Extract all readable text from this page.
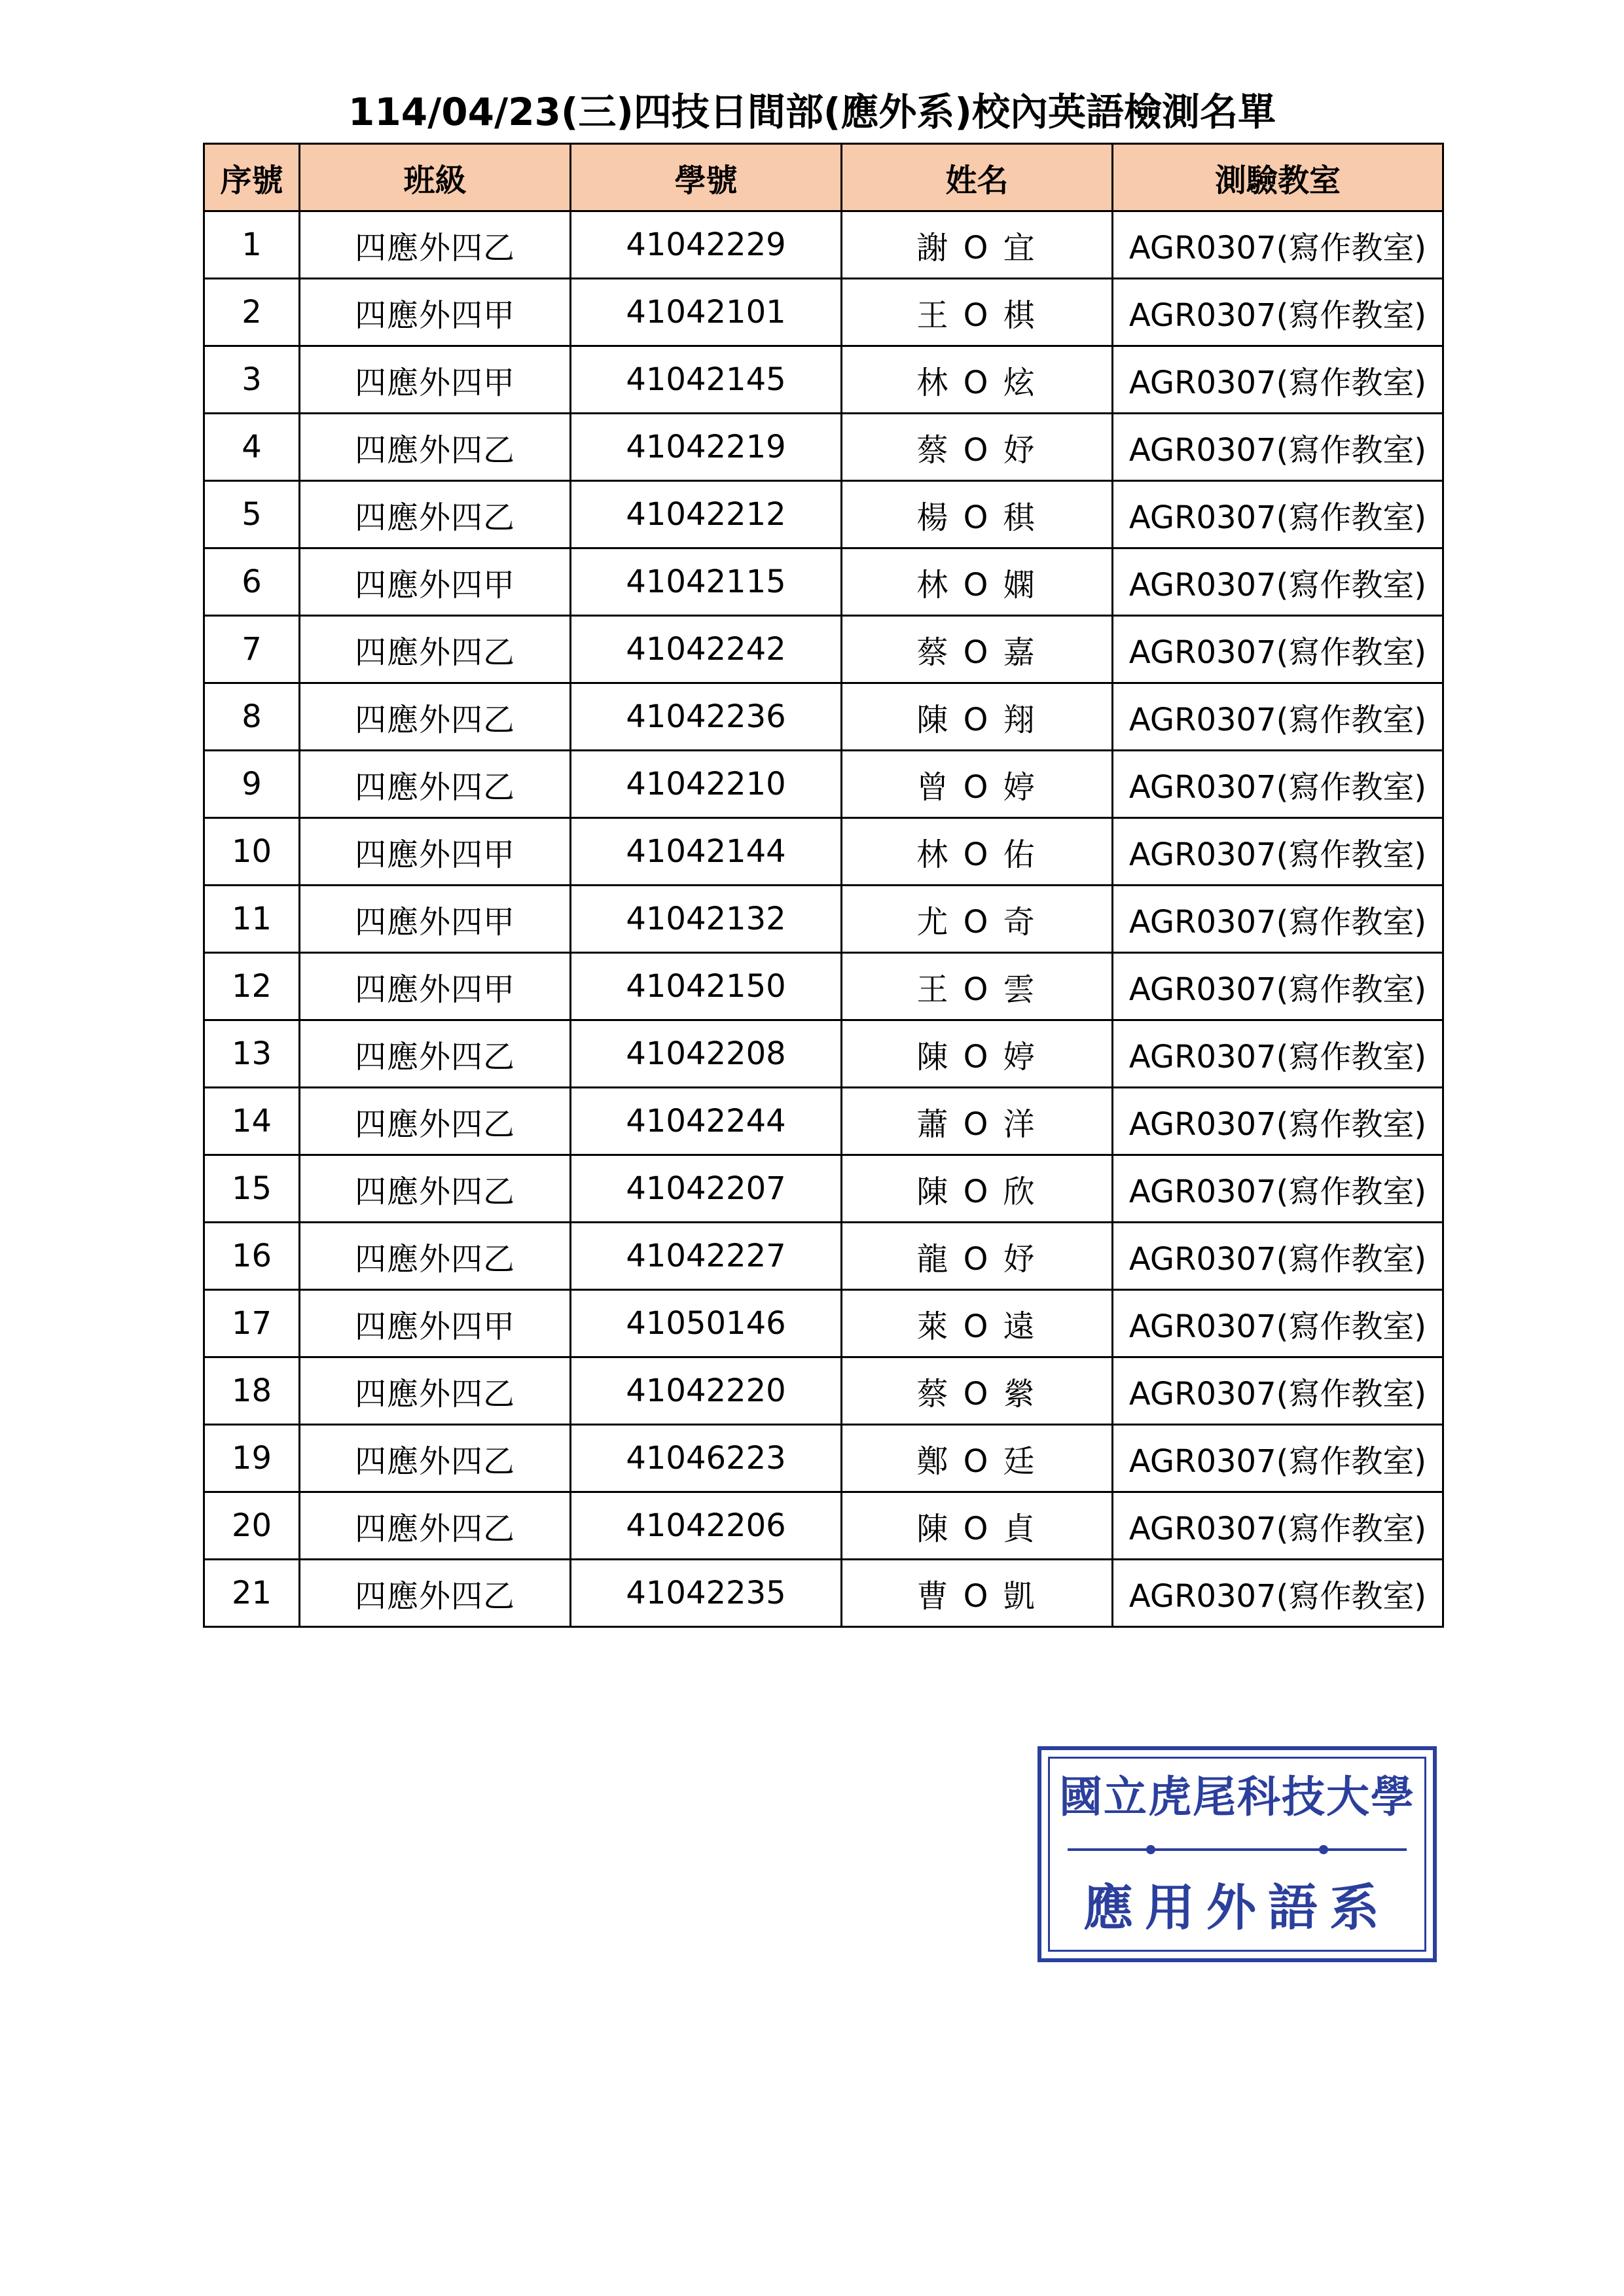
114/04/23(三)四技日間部(應外系)校內英語檢測名單
序號	班級	學號	姓名	測驗教室
1	四應外四乙	41042229	謝 O 宜	AGR0307(寫作教室)
2	四應外四甲	41042101	王 O 棋	AGR0307(寫作教室)
3	四應外四甲	41042145	林 O 炫	AGR0307(寫作教室)
4	四應外四乙	41042219	蔡 O 妤	AGR0307(寫作教室)
5	四應外四乙	41042212	楊 O 稘	AGR0307(寫作教室)
6	四應外四甲	41042115	林 O 嫻	AGR0307(寫作教室)
7	四應外四乙	41042242	蔡 O 嘉	AGR0307(寫作教室)
8	四應外四乙	41042236	陳 O 翔	AGR0307(寫作教室)
9	四應外四乙	41042210	曾 O 婷	AGR0307(寫作教室)
10	四應外四甲	41042144	林 O 佑	AGR0307(寫作教室)
11	四應外四甲	41042132	尤 O 奇	AGR0307(寫作教室)
12	四應外四甲	41042150	王 O 雲	AGR0307(寫作教室)
13	四應外四乙	41042208	陳 O 婷	AGR0307(寫作教室)
14	四應外四乙	41042244	蕭 O 洋	AGR0307(寫作教室)
15	四應外四乙	41042207	陳 O 欣	AGR0307(寫作教室)
16	四應外四乙	41042227	龍 O 妤	AGR0307(寫作教室)
17	四應外四甲	41050146	萊 O 遠	AGR0307(寫作教室)
18	四應外四乙	41042220	蔡 O 縈	AGR0307(寫作教室)
19	四應外四乙	41046223	鄭 O 廷	AGR0307(寫作教室)
20	四應外四乙	41042206	陳 O 貞	AGR0307(寫作教室)
21	四應外四乙	41042235	曹 O 凱	AGR0307(寫作教室)
國立虎尾科技大學
應用外語系
